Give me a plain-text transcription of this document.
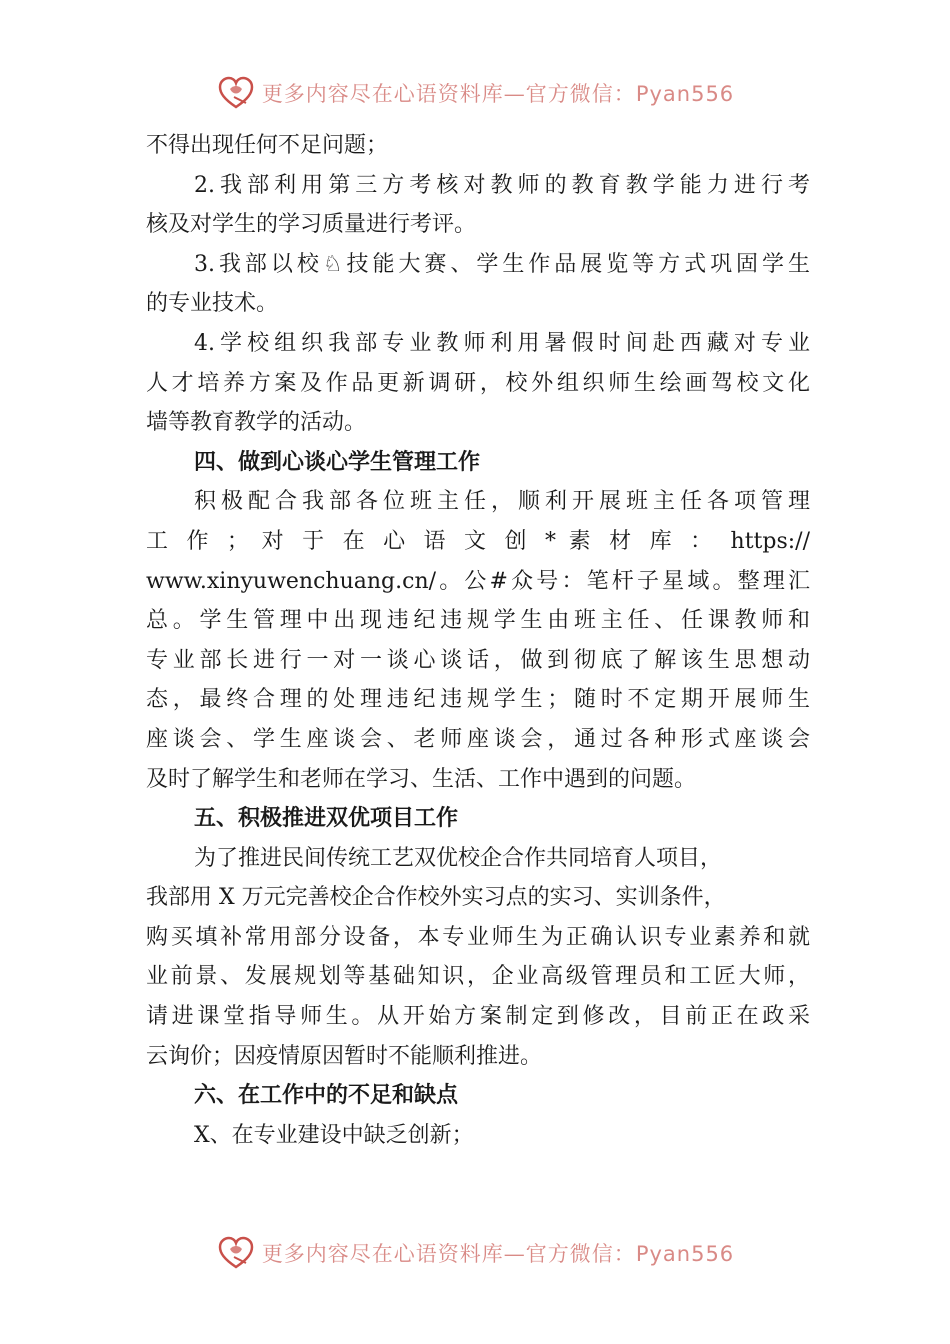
更多内容尽在心语资料库—官方微信：Pyan556
不得出现任何不足问题；
2.我部利用第三方考核对教师的教育教学能力进行考
核及对学生的学习质量进行考评。
3.我部以校♘技能大赛、学生作品展览等方式巩固学生
的专业技术。
4.学校组织我部专业教师利用暑假时间赴西藏对专业
人才培养方案及作品更新调研，校外组织师生绘画驾校文化
墙等教育教学的活动。
四、做到心谈心学生管理工作
积极配合我部各位班主任，顺利开展班主任各项管理
工 作 ； 对 于 在 心 语 文 创 * 素 材 库 ： https://
www.xinyuwenchuang.cn/。公#众号：笔杆子星域。整理汇
总。学生管理中出现违纪违规学生由班主任、任课教师和
专业部长进行一对一谈心谈话，做到彻底了解该生思想动
态，最终合理的处理违纪违规学生；随时不定期开展师生
座谈会、学生座谈会、老师座谈会，通过各种形式座谈会
及时了解学生和老师在学习、生活、工作中遇到的问题。
五、积极推进双优项目工作
为了推进民间传统工艺双优校企合作共同培育人项目，
我部用 X 万元完善校企合作校外实习点的实习、实训条件，
购买填补常用部分设备，本专业师生为正确认识专业素养和就
业前景、发展规划等基础知识，企业高级管理员和工匠大师，
请进课堂指导师生。从开始方案制定到修改，目前正在政采
云询价；因疫情原因暂时不能顺利推进。
六、在工作中的不足和缺点
X、在专业建设中缺乏创新；
更多内容尽在心语资料库—官方微信：Pyan556
